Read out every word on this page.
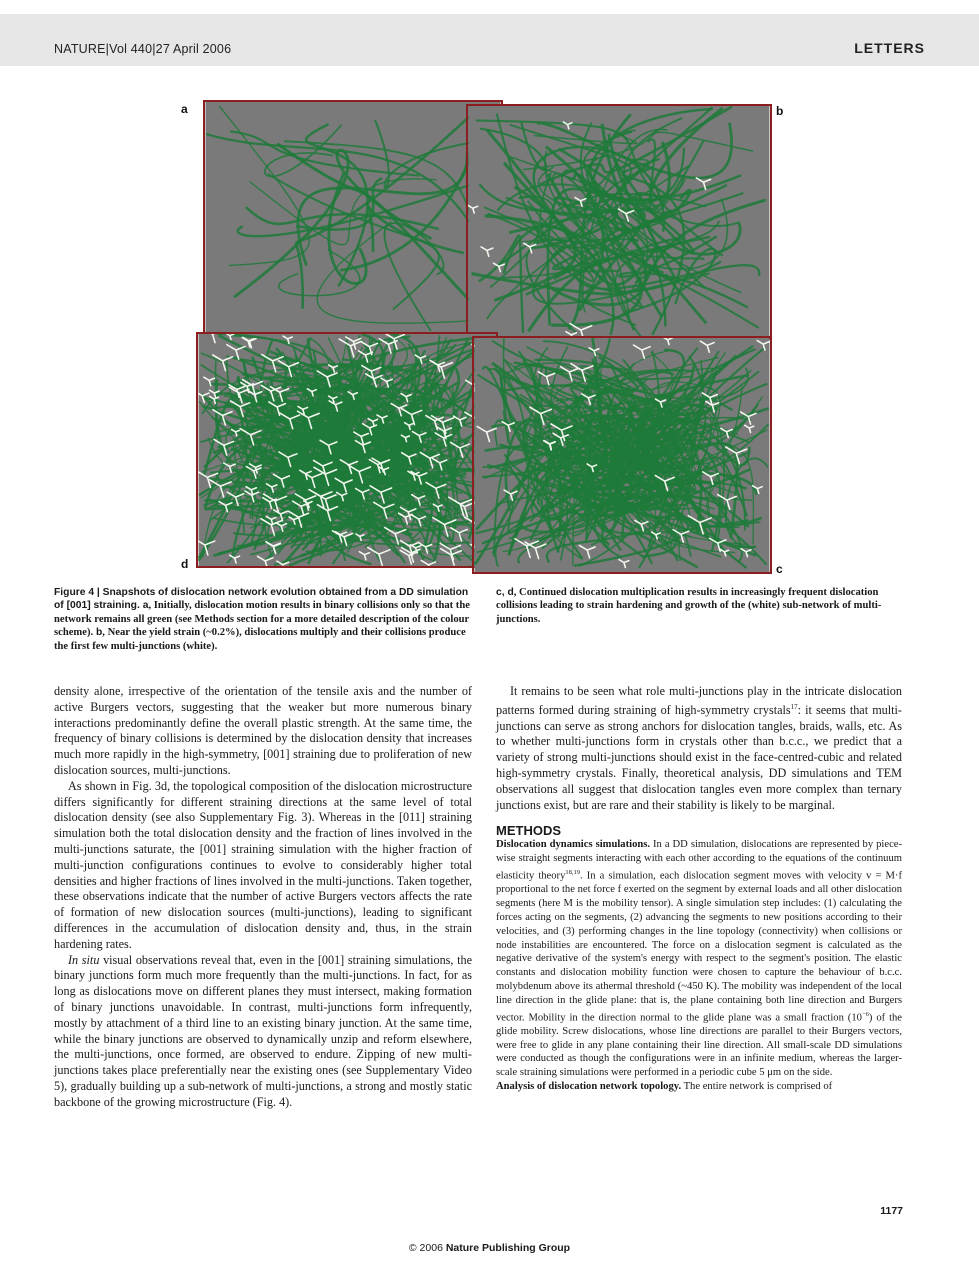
NATURE|Vol 440|27 April 2006	LETTERS
a	b
d	c
Figure 4 | Snapshots of dislocation network evolution obtained from a DD simulation of [001] straining. a, Initially, dislocation motion results in binary collisions only so that the network remains all green (see Methods section for a more detailed description of the colour scheme). b, Near the yield strain (~0.2%), dislocations multiply and their collisions produce the first few multi-junctions (white).
c, d, Continued dislocation multiplication results in increasingly frequent dislocation collisions leading to strain hardening and growth of the (white) sub-network of multi-junctions.

density alone, irrespective of the orientation of the tensile axis and the number of active Burgers vectors, suggesting that the weaker but more numerous binary interactions predominantly define the overall plastic strength. At the same time, the frequency of binary collisions is determined by the dislocation density that increases much more rapidly in the high-symmetry, [001] straining due to proliferation of new dislocation sources, multi-junctions.

As shown in Fig. 3d, the topological composition of the dislocation microstructure differs significantly for different straining directions at the same level of total dislocation density (see also Supplementary Fig. 3). Whereas in the [011] straining simulation both the total dislocation density and the fraction of lines involved in the multi-junctions saturate, the [001] straining simulation with the higher fraction of multi-junction configurations continues to evolve to considerably higher total densities and higher fractions of lines involved in the multi-junctions. Taken together, these observations indicate that the number of active Burgers vectors affects the rate of formation of new dislocation sources (multi-junctions), leading to significant differences in the accumulation of dislocation density and, thus, in the strain hardening rates.

In situ visual observations reveal that, even in the [001] straining simulations, the binary junctions form much more frequently than the multi-junctions. In fact, for as long as dislocations move on different planes they must intersect, making formation of binary junctions unavoidable. In contrast, multi-junctions form infrequently, mostly by attachment of a third line to an existing binary junction. At the same time, while the binary junctions are observed to dynamically unzip and reform elsewhere, the multi-junctions, once formed, are observed to endure. Zipping of new multi-junctions takes place preferentially near the existing ones (see Supplementary Video 5), gradually building up a sub-network of multi-junctions, a strong and mostly static backbone of the growing microstructure (Fig. 4).

It remains to be seen what role multi-junctions play in the intricate dislocation patterns formed during straining of high-symmetry crystals$^{17}$: it seems that multi-junctions can serve as strong anchors for dislocation tangles, braids, walls, etc. As to whether multi-junctions form in crystals other than b.c.c., we predict that a variety of strong multi-junctions should exist in the face-centred-cubic and related high-symmetry crystals. Finally, theoretical analysis, DD simulations and TEM observations all suggest that dislocation tangles even more complex than ternary junctions exist, but are rare and their stability is likely to be marginal.

METHODS

Dislocation dynamics simulations. In a DD simulation, dislocations are represented by piece-wise straight segments interacting with each other according to the equations of the continuum elasticity theory$^{18,19}$. In a simulation, each dislocation segment moves with velocity v = M·f proportional to the net force f exerted on the segment by external loads and all other dislocation segments (here M is the mobility tensor). A single simulation step includes: (1) calculating the forces acting on the segments, (2) advancing the segments to new positions according to their velocities, and (3) performing changes in the line topology (connectivity) when collisions or node instabilities are encountered. The force on a dislocation segment is calculated as the negative derivative of the system's energy with respect to the segment's position. The elastic constants and dislocation mobility function were chosen to capture the behaviour of b.c.c. molybdenum above its athermal threshold (~450 K). The mobility was independent of the local line direction in the glide plane: that is, the plane containing both line direction and Burgers vector. Mobility in the direction normal to the glide plane was a small fraction $(10^{-6})$ of the glide mobility. Screw dislocations, whose line directions are parallel to their Burgers vectors, were free to glide in any plane containing their line direction. All small-scale DD simulations were conducted as though the configurations were in an infinite medium, whereas the larger-scale straining simulations were performed in a periodic cube 5 μm on the side.

Analysis of dislocation network topology. The entire network is comprised of

1177
© 2006 Nature Publishing Group
